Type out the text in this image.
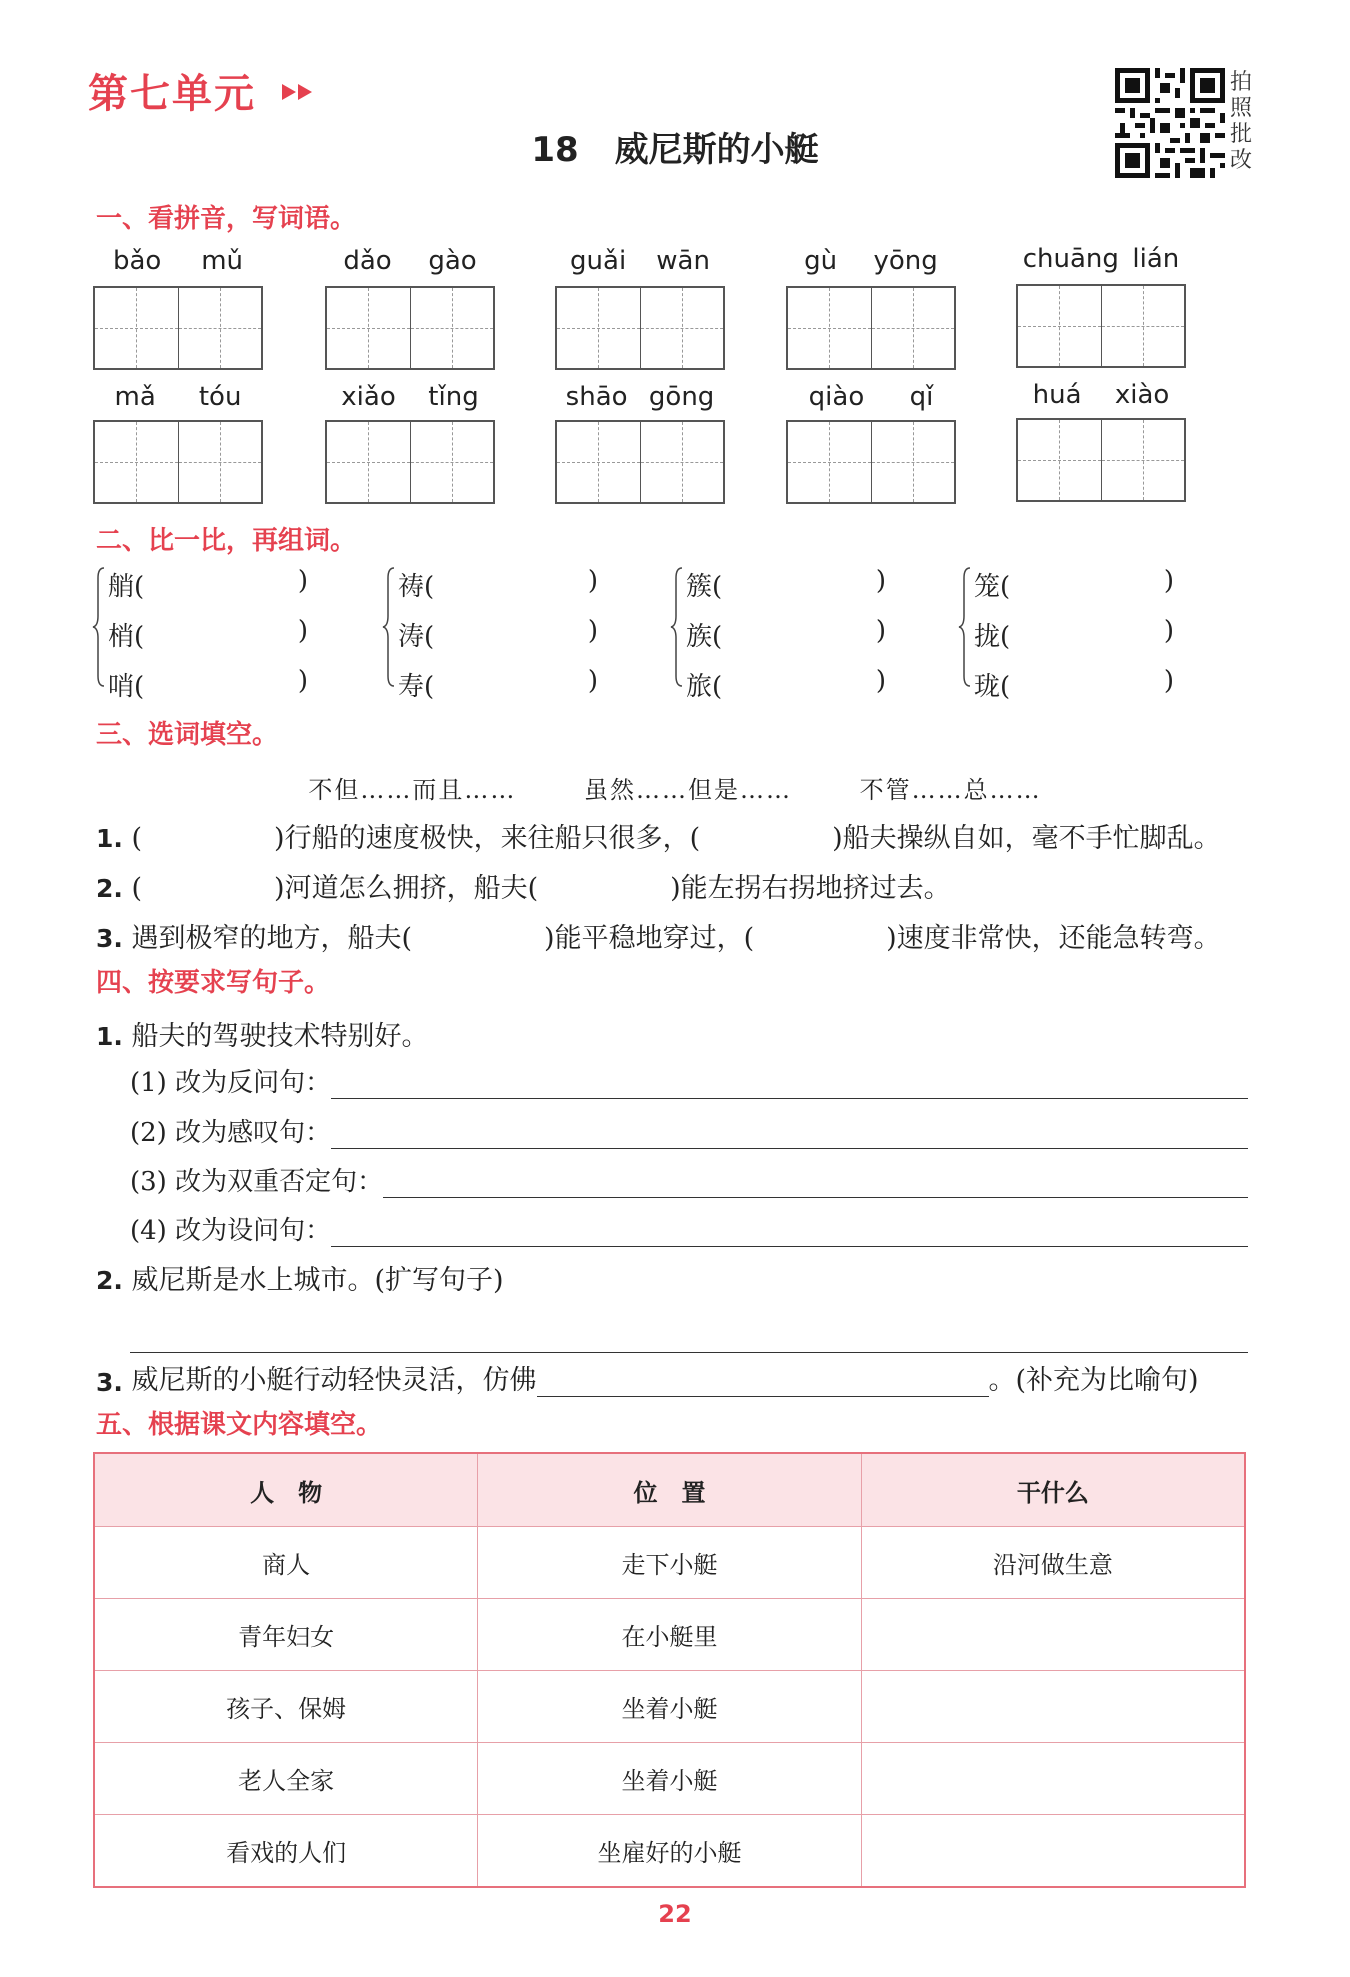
第七单元
18 威尼斯的小艇
拍
照
批
改
一、看拼音，写词语。
bǎo mǔ	dǎo gào	guǎi wān	gù yōng	chuāng lián
mǎ tóu	xiǎo tǐng	shāo gōng	qiào qǐ	huá xiào
二、比一比，再组词。
艄(	)
梢(	)
哨(	)
祷(	)
涛(	)
寿(	)
簇(	)
族(	)
旅(	)
笼(	)
拢(	)
珑(	)
三、选词填空。
不但……而且……	虽然……但是……	不管……总……
1. (	)行船的速度极快，来往船只很多，(	)船夫操纵自如，毫不手忙脚乱。
2. (	)河道怎么拥挤，船夫(	)能左拐右拐地挤过去。
3. 遇到极窄的地方，船夫(	)能平稳地穿过，(	)速度非常快，还能急转弯。
四、按要求写句子。
1. 船夫的驾驶技术特别好。
(1) 改为反问句：
(2) 改为感叹句：
(3) 改为双重否定句：
(4) 改为设问句：
2. 威尼斯是水上城市。(扩写句子)
3.
威尼斯的小艇行动轻快灵活，仿佛	。(补充为比喻句)
五、根据课文内容填空。
人　物	位　置	干什么
商人	走下小艇	沿河做生意
青年妇女	在小艇里	
孩子、保姆	坐着小艇	
老人全家	坐着小艇	
看戏的人们	坐雇好的小艇	
22
